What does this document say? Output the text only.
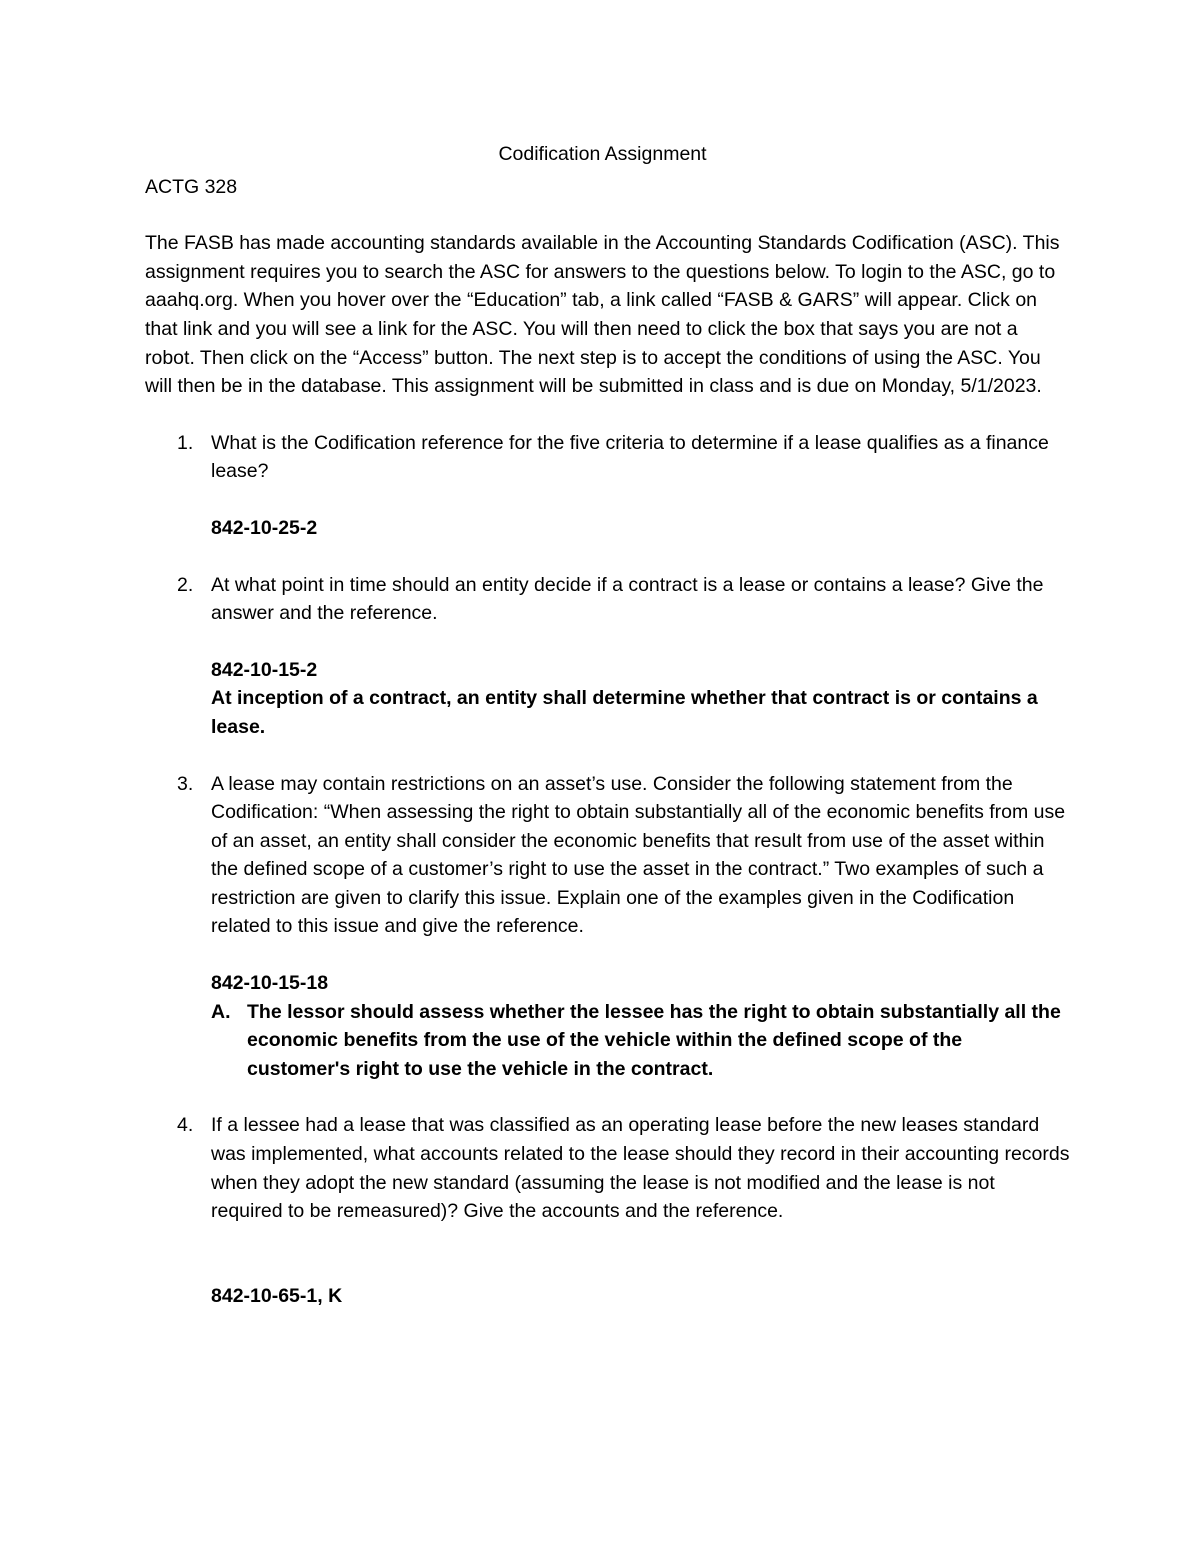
Codification Assignment

ACTG 328

The FASB has made accounting standards available in the Accounting Standards Codification (ASC). This assignment requires you to search the ASC for answers to the questions below. To login to the ASC, go to aaahq.org. When you hover over the “Education” tab, a link called “FASB & GARS” will appear. Click on that link and you will see a link for the ASC. You will then need to click the box that says you are not a robot. Then click on the “Access” button. The next step is to accept the conditions of using the ASC. You will then be in the database. This assignment will be submitted in class and is due on Monday, 5/1/2023.

1. What is the Codification reference for the five criteria to determine if a lease qualifies as a finance lease?

842-10-25-2

2. At what point in time should an entity decide if a contract is a lease or contains a lease? Give the answer and the reference.

842-10-15-2

At inception of a contract, an entity shall determine whether that contract is or contains a lease.

3. A lease may contain restrictions on an asset’s use. Consider the following statement from the Codification: “When assessing the right to obtain substantially all of the economic benefits from use of an asset, an entity shall consider the economic benefits that result from use of the asset within the defined scope of a customer’s right to use the asset in the contract.” Two examples of such a restriction are given to clarify this issue. Explain one of the examples given in the Codification related to this issue and give the reference.

842-10-15-18

A. The lessor should assess whether the lessee has the right to obtain substantially all the economic benefits from the use of the vehicle within the defined scope of the customer's right to use the vehicle in the contract.

4. If a lessee had a lease that was classified as an operating lease before the new leases standard was implemented, what accounts related to the lease should they record in their accounting records when they adopt the new standard (assuming the lease is not modified and the lease is not required to be remeasured)? Give the accounts and the reference.

842-10-65-1, K
